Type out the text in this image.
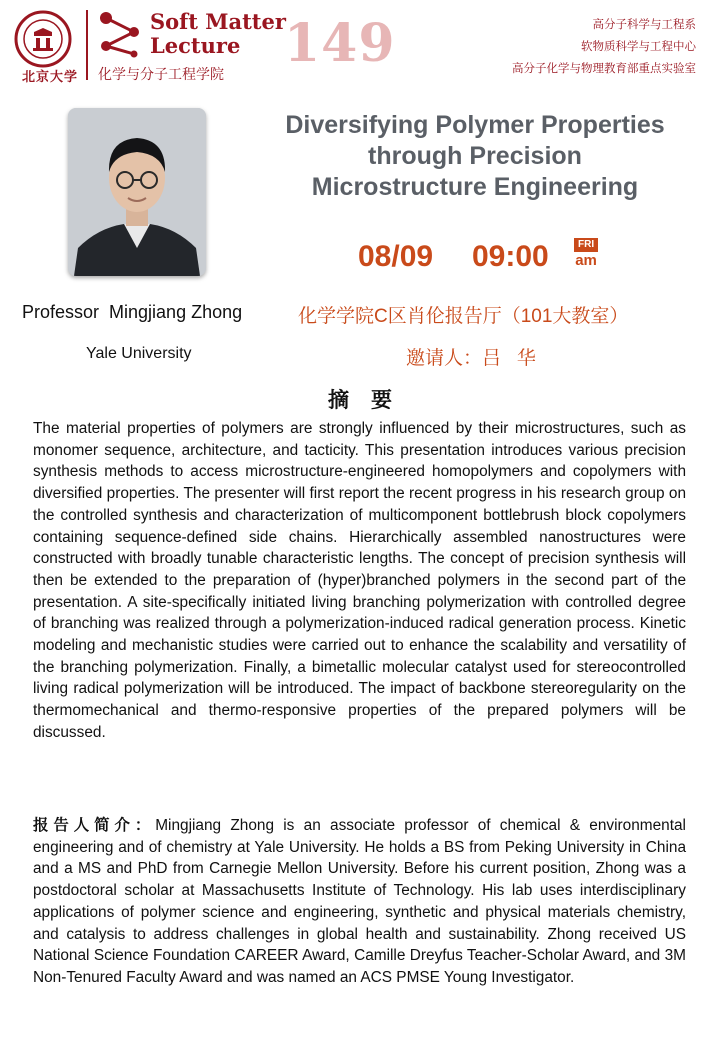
北京大学
Soft Matter
Lecture 149
化学与分子工程学院
高分子科学与工程系
软物质科学与工程中心
高分子化学与物理教育部重点实验室
Diversifying Polymer Properties
through Precision
Microstructure Engineering
08/09 09:00	FRI
am
Professor  Mingjiang Zhong
Yale University
化学学院C区肖伦报告厅（101大教室）
邀请人：吕   华
摘   要
The material properties of polymers are strongly influenced by their microstructures, such as monomer sequence, architecture, and tacticity. This presentation introduces various precision synthesis methods to access microstructure-engineered homopolymers and copolymers with diversified properties. The presenter will first report the recent progress in his research group on the controlled synthesis and characterization of multicomponent bottlebrush block copolymers containing sequence-defined side chains. Hierarchically assembled nanostructures were constructed with broadly tunable characteristic lengths. The concept of precision synthesis will then be extended to the preparation of (hyper)branched polymers in the second part of the presentation. A site-specifically initiated living branching polymerization with controlled degree of branching was realized through a polymerization-induced radical generation process. Kinetic modeling and mechanistic studies were carried out to enhance the scalability and versatility of the branching polymerization. Finally, a bimetallic molecular catalyst used for stereocontrolled living radical polymerization will be introduced. The impact of backbone stereoregularity on the thermomechanical and thermo-responsive properties of the prepared polymers will be discussed.
报告人简介：Mingjiang Zhong is an associate professor of chemical & environmental engineering and of chemistry at Yale University. He holds a BS from Peking University in China and a MS and PhD from Carnegie Mellon University. Before his current position, Zhong was a postdoctoral scholar at Massachusetts Institute of Technology. His lab uses interdisciplinary applications of polymer science and engineering, synthetic and physical materials chemistry, and catalysis to address challenges in global health and sustainability. Zhong received US National Science Foundation CAREER Award, Camille Dreyfus Teacher-Scholar Award, and 3M Non-Tenured Faculty Award and was named an ACS PMSE Young Investigator.
